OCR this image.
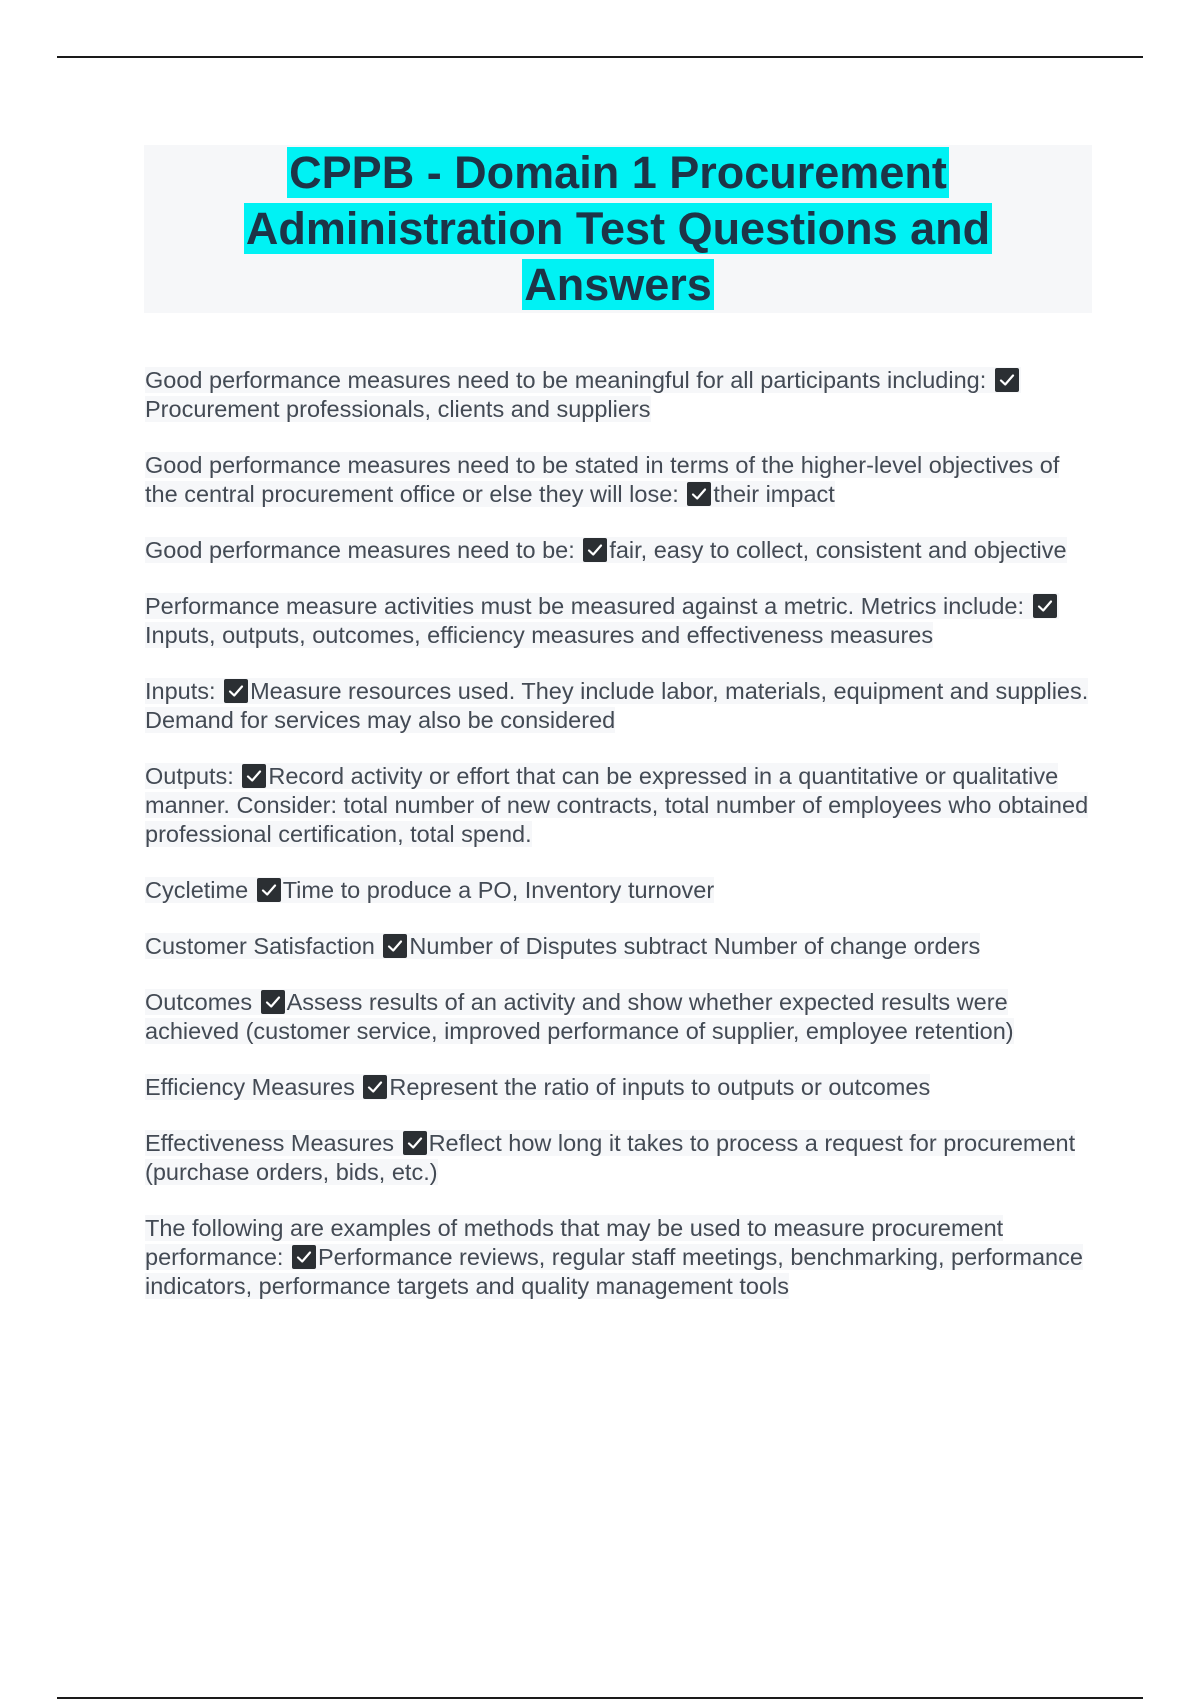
CPPB - Domain 1 Procurement
Administration Test Questions and
Answers

Good performance measures need to be meaningful for all participants including:
Procurement professionals, clients and suppliers

Good performance measures need to be stated in terms of the higher-level objectives of the central procurement office or else they will lose: their impact

Good performance measures need to be: fair, easy to collect, consistent and objective

Performance measure activities must be measured against a metric. Metrics include:
Inputs, outputs, outcomes, efficiency measures and effectiveness measures

Inputs: Measure resources used. They include labor, materials, equipment and supplies. Demand for services may also be considered

Outputs: Record activity or effort that can be expressed in a quantitative or qualitative manner. Consider: total number of new contracts, total number of employees who obtained professional certification, total spend.

Cycletime Time to produce a PO, Inventory turnover

Customer Satisfaction Number of Disputes subtract Number of change orders

Outcomes Assess results of an activity and show whether expected results were achieved (customer service, improved performance of supplier, employee retention)

Efficiency Measures Represent the ratio of inputs to outputs or outcomes

Effectiveness Measures Reflect how long it takes to process a request for procurement (purchase orders, bids, etc.)

The following are examples of methods that may be used to measure procurement performance: Performance reviews, regular staff meetings, benchmarking, performance indicators, performance targets and quality management tools
